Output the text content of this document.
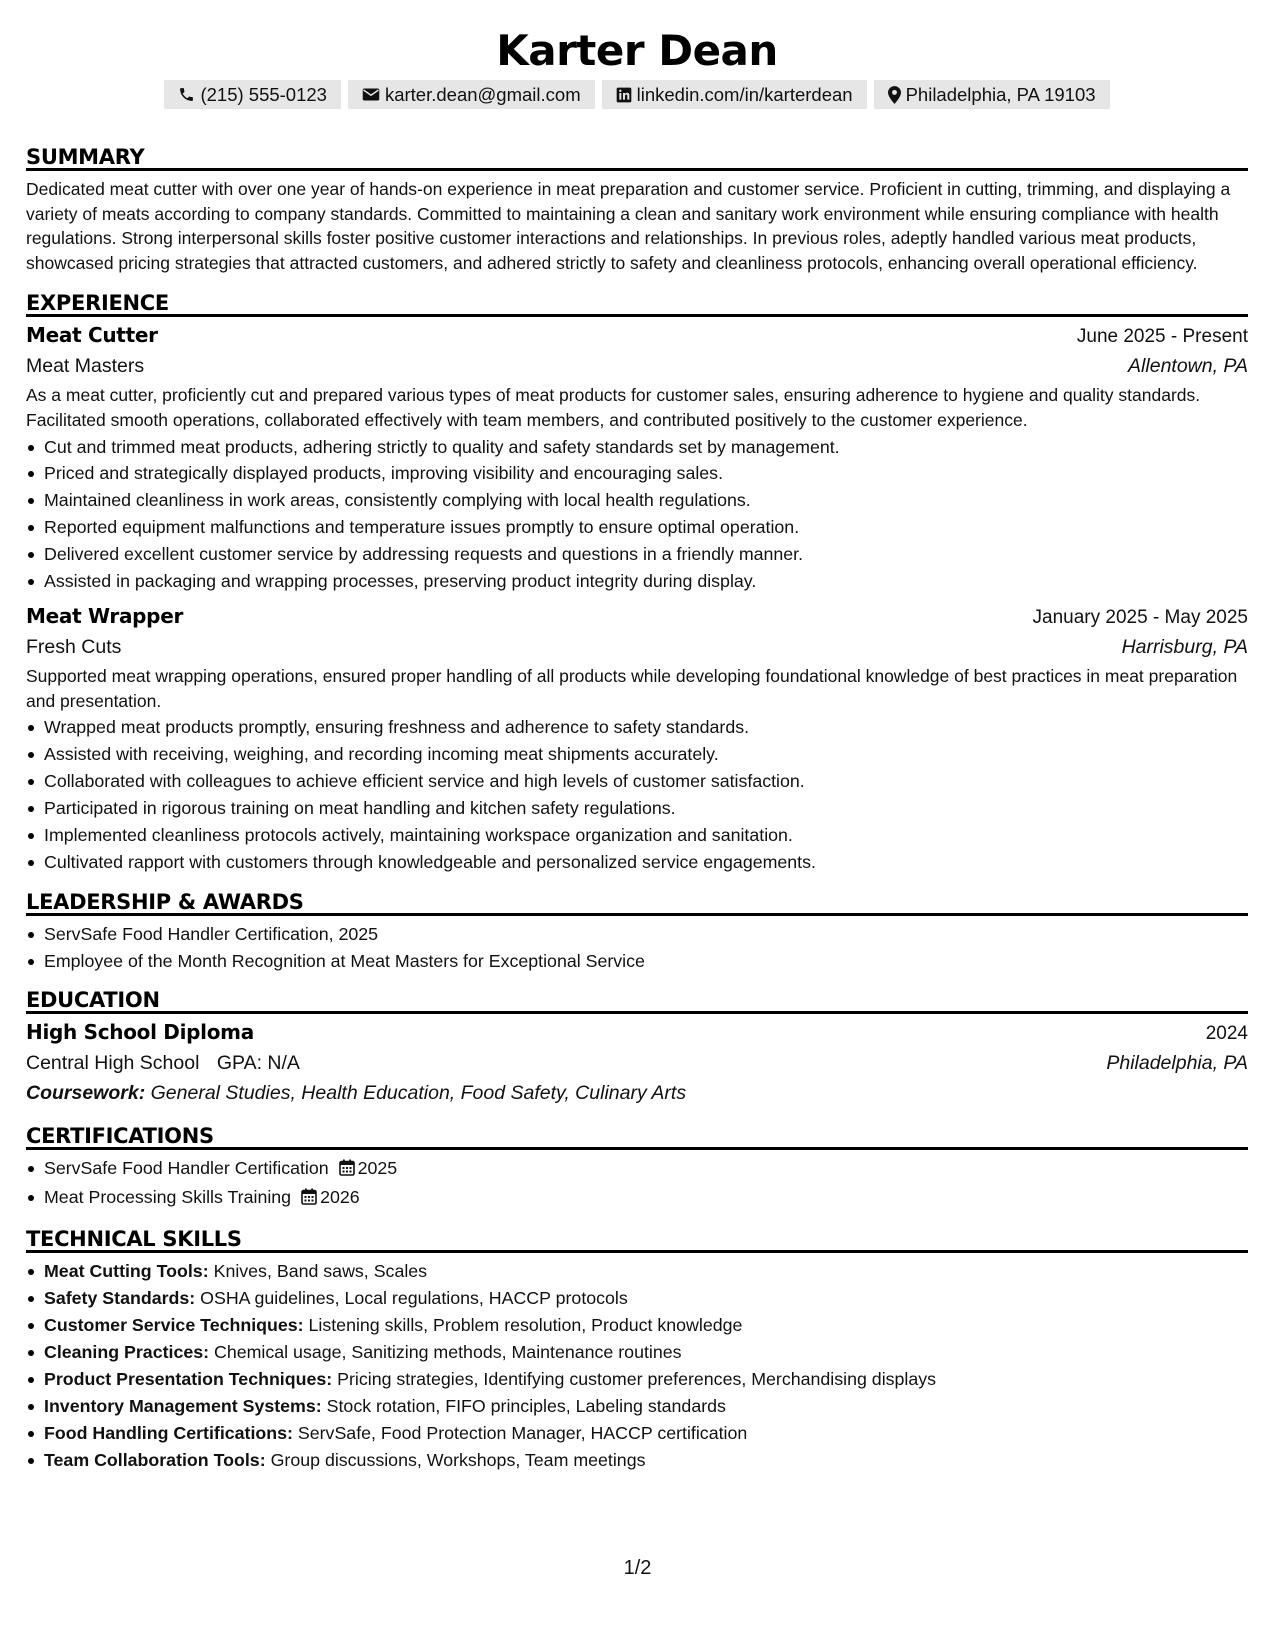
Karter Dean
(215) 555-0123	karter.dean@gmail.com	linkedin.com/in/karterdean	Philadelphia, PA 19103
SUMMARY
Dedicated meat cutter with over one year of hands-on experience in meat preparation and customer service. Proficient in cutting, trimming, and displaying a variety of meats according to company standards. Committed to maintaining a clean and sanitary work environment while ensuring compliance with health regulations. Strong interpersonal skills foster positive customer interactions and relationships. In previous roles, adeptly handled various meat products, showcased pricing strategies that attracted customers, and adhered strictly to safety and cleanliness protocols, enhancing overall operational efficiency.
EXPERIENCE
Meat Cutter	June 2025 - Present
Meat Masters	Allentown, PA
As a meat cutter, proficiently cut and prepared various types of meat products for customer sales, ensuring adherence to hygiene and quality standards. Facilitated smooth operations, collaborated effectively with team members, and contributed positively to the customer experience.
Cut and trimmed meat products, adhering strictly to quality and safety standards set by management.
Priced and strategically displayed products, improving visibility and encouraging sales.
Maintained cleanliness in work areas, consistently complying with local health regulations.
Reported equipment malfunctions and temperature issues promptly to ensure optimal operation.
Delivered excellent customer service by addressing requests and questions in a friendly manner.
Assisted in packaging and wrapping processes, preserving product integrity during display.
Meat Wrapper	January 2025 - May 2025
Fresh Cuts	Harrisburg, PA
Supported meat wrapping operations, ensured proper handling of all products while developing foundational knowledge of best practices in meat preparation and presentation.
Wrapped meat products promptly, ensuring freshness and adherence to safety standards.
Assisted with receiving, weighing, and recording incoming meat shipments accurately.
Collaborated with colleagues to achieve efficient service and high levels of customer satisfaction.
Participated in rigorous training on meat handling and kitchen safety regulations.
Implemented cleanliness protocols actively, maintaining workspace organization and sanitation.
Cultivated rapport with customers through knowledgeable and personalized service engagements.
LEADERSHIP & AWARDS
ServSafe Food Handler Certification, 2025
Employee of the Month Recognition at Meat Masters for Exceptional Service
EDUCATION
High School Diploma	2024
Central High School GPA: N/A	Philadelphia, PA
Coursework: General Studies, Health Education, Food Safety, Culinary Arts
CERTIFICATIONS
ServSafe Food Handler Certification 2025
Meat Processing Skills Training 2026
TECHNICAL SKILLS
Meat Cutting Tools: Knives, Band saws, Scales
Safety Standards: OSHA guidelines, Local regulations, HACCP protocols
Customer Service Techniques: Listening skills, Problem resolution, Product knowledge
Cleaning Practices: Chemical usage, Sanitizing methods, Maintenance routines
Product Presentation Techniques: Pricing strategies, Identifying customer preferences, Merchandising displays
Inventory Management Systems: Stock rotation, FIFO principles, Labeling standards
Food Handling Certifications: ServSafe, Food Protection Manager, HACCP certification
Team Collaboration Tools: Group discussions, Workshops, Team meetings
1/2
